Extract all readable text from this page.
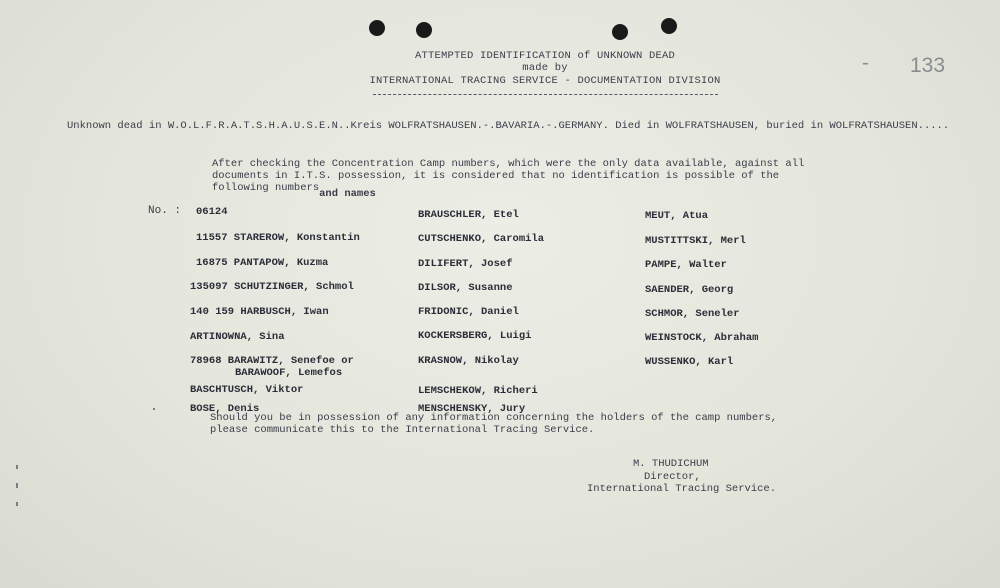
ATTEMPTED IDENTIFICATION of UNKNOWN DEAD
made by
INTERNATIONAL TRACING SERVICE - DOCUMENTATION DIVISION
- 133
Unknown dead in W.O.L.F.R.A.T.S.H.A.U.S.E.N..Kreis WOLFRATSHAUSEN.-.BAVARIA.-.GERMANY. Died in WOLFRATSHAUSEN, buried in WOLFRATSHAUSEN.....
After checking the Concentration Camp numbers, which were the only data available, against all
documents in I.T.S. possession, it is considered that no identification is possible of the
following numbersand names
No. : 06124
11557 STAREROW, Konstantin
16875 PANTAPOW, Kuzma
135097 SCHUTZINGER, Schmol
140 159 HARBUSCH, Iwan
ARTINOWNA, Sina
78968 BARAWITZ, Senefoe or
BARAWOOF, Lemefos
BASCHTUSCH, Viktor
BOSE, Denis
BRAUSCHLER, Etel
CUTSCHENKO, Caromila
DILIFERT, Josef
DILSOR, Susanne
FRIDONIC, Daniel
KOCKERSBERG, Luigi
KRASNOW, Nikolay
LEMSCHEKOW, Richeri
MENSCHENSKY, Jury
MEUT, Atua
MUSTITTSKI, Merl
PAMPE, Walter
SAENDER, Georg
SCHMOR, Seneler
WEINSTOCK, Abraham
WUSSENKO, Karl
Should you be in possession of any information concerning the holders of the camp numbers,
please communicate this to the International Tracing Service.
M. THUDICHUM
Director,
International Tracing Service.
